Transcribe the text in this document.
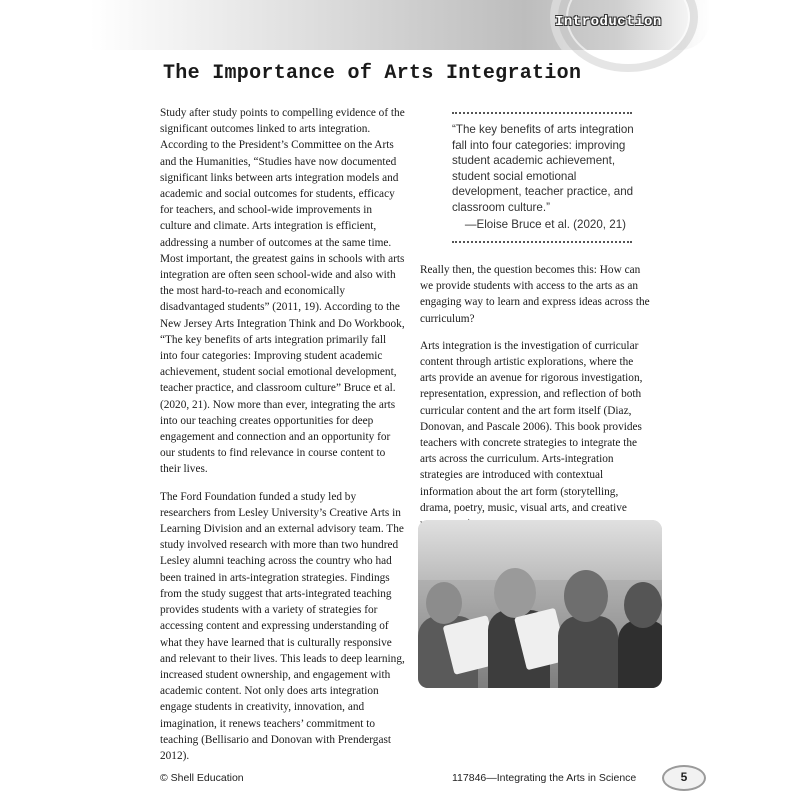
Introduction
The Importance of Arts Integration

Study after study points to compelling evidence of the significant outcomes linked to arts integration. According to the President’s Committee on the Arts and the Humanities, “Studies have now documented significant links between arts integration models and academic and social outcomes for students, efficacy for teachers, and school-wide improvements in culture and climate. Arts integration is efficient, addressing a number of outcomes at the same time. Most important, the greatest gains in schools with arts integration are often seen school-wide and also with the most hard-to-reach and economically disadvantaged students” (2011, 19). According to the New Jersey Arts Integration Think and Do Workbook, “The key benefits of arts integration primarily fall into four categories: Improving student academic achievement, student social emotional development, teacher practice, and classroom culture” Bruce et al. (2020, 21). Now more than ever, integrating the arts into our teaching creates opportunities for deep engagement and connection and an opportunity for our students to find relevance in course content to their lives.

The Ford Foundation funded a study led by researchers from Lesley University’s Creative Arts in Learning Division and an external advisory team. The study involved research with more than two hundred Lesley alumni teaching across the country who had been trained in arts-integration strategies. Findings from the study suggest that arts-integrated teaching provides students with a variety of strategies for accessing content and expressing understanding of what they have learned that is culturally responsive and relevant to their lives. This leads to deep learning, increased student ownership, and engagement with academic content. Not only does arts integration engage students in creativity, innovation, and imagination, it renews teachers’ commitment to teaching (Bellisario and Donovan with Prendergast 2012).

“The key benefits of arts integration fall into four categories: improving student academic achievement, student social emotional development, teacher practice, and classroom culture.”
—Eloise Bruce et al. (2020, 21)

Really then, the question becomes this: How can we provide students with access to the arts as an engaging way to learn and express ideas across the curriculum?

Arts integration is the investigation of curricular content through artistic explorations, where the arts provide an avenue for rigorous investigation, representation, expression, and reflection of both curricular content and the art form itself (Diaz, Donovan, and Pascale 2006). This book provides teachers with concrete strategies to integrate the arts across the curriculum. Arts-integration strategies are introduced with contextual information about the art form (storytelling, drama, poetry, music, visual arts, and creative

© Shell Education	117846—Integrating the Arts in Science	5
